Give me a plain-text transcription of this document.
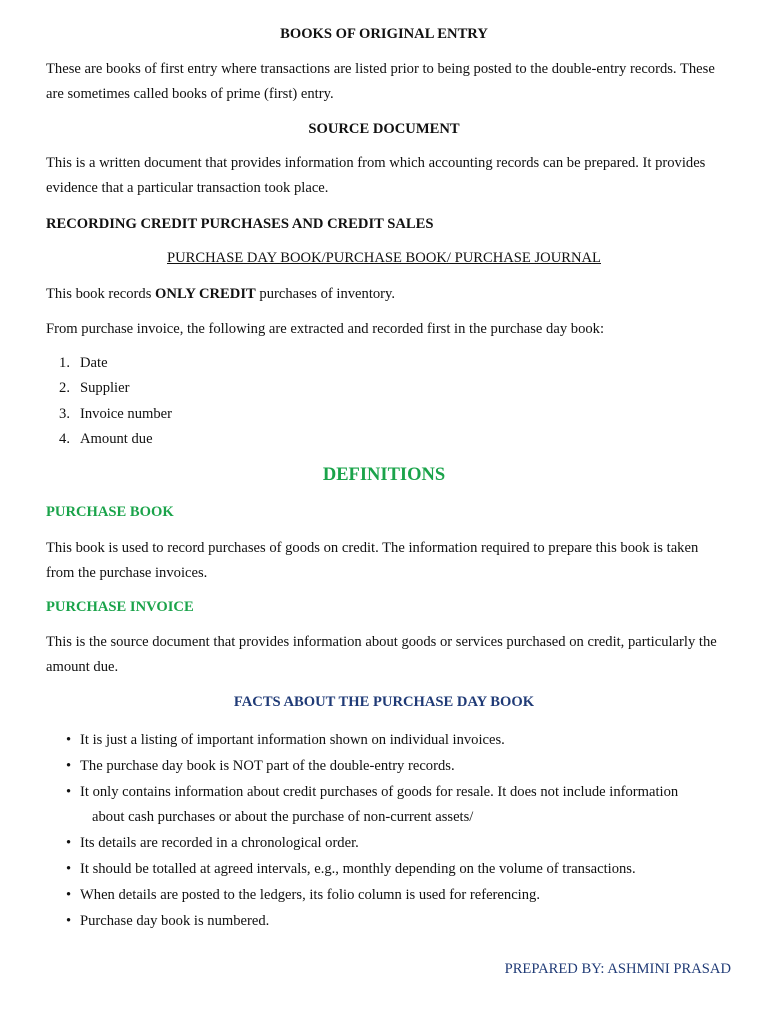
BOOKS OF ORIGINAL ENTRY

These are books of first entry where transactions are listed prior to being posted to the double-entry records. These are sometimes called books of prime (first) entry.

SOURCE DOCUMENT

This is a written document that provides information from which accounting records can be prepared. It provides evidence that a particular transaction took place.

RECORDING CREDIT PURCHASES AND CREDIT SALES

PURCHASE DAY BOOK/PURCHASE BOOK/ PURCHASE JOURNAL

This book records ONLY CREDIT purchases of inventory.

From purchase invoice, the following are extracted and recorded first in the purchase day book:

1. Date
2. Supplier
3. Invoice number
4. Amount due

DEFINITIONS

PURCHASE BOOK

This book is used to record purchases of goods on credit. The information required to prepare this book is taken from the purchase invoices.

PURCHASE INVOICE

This is the source document that provides information about goods or services purchased on credit, particularly the amount due.

FACTS ABOUT THE PURCHASE DAY BOOK

• It is just a listing of important information shown on individual invoices.
• The purchase day book is NOT part of the double-entry records.
• It only contains information about credit purchases of goods for resale. It does not include information
about cash purchases or about the purchase of non-current assets/
• Its details are recorded in a chronological order.
• It should be totalled at agreed intervals, e.g., monthly depending on the volume of transactions.
• When details are posted to the ledgers, its folio column is used for referencing.
• Purchase day book is numbered.
PREPARED BY: ASHMINI PRASAD
